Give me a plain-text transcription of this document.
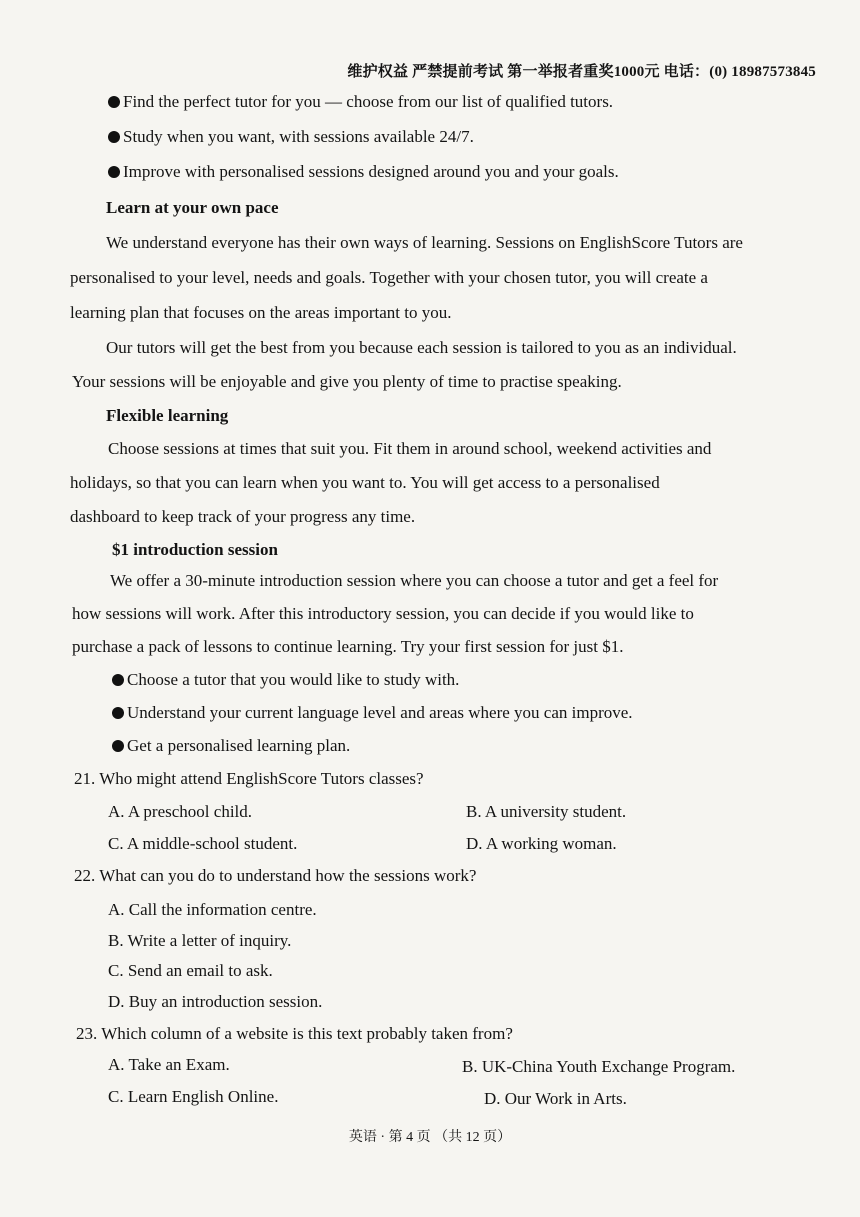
维护权益 严禁提前考试 第一举报者重奖1000元 电话：(0) 18987573845
Find the perfect tutor for you — choose from our list of qualified tutors.
Study when you want, with sessions available 24/7.
Improve with personalised sessions designed around you and your goals.
Learn at your own pace
We understand everyone has their own ways of learning. Sessions on EnglishScore Tutors are
personalised to your level, needs and goals. Together with your chosen tutor, you will create a
learning plan that focuses on the areas important to you.
Our tutors will get the best from you because each session is tailored to you as an individual.
Your sessions will be enjoyable and give you plenty of time to practise speaking.
Flexible learning
Choose sessions at times that suit you. Fit them in around school, weekend activities and
holidays, so that you can learn when you want to. You will get access to a personalised
dashboard to keep track of your progress any time.
$1 introduction session
We offer a 30-minute introduction session where you can choose a tutor and get a feel for
how sessions will work. After this introductory session, you can decide if you would like to
purchase a pack of lessons to continue learning. Try your first session for just $1.
Choose a tutor that you would like to study with.
Understand your current language level and areas where you can improve.
Get a personalised learning plan.
21. Who might attend EnglishScore Tutors classes?
A. A preschool child.	B. A university student.
C. A middle-school student.	D. A working woman.
22. What can you do to understand how the sessions work?
A. Call the information centre.
B. Write a letter of inquiry.
C. Send an email to ask.
D. Buy an introduction session.
23. Which column of a website is this text probably taken from?
A. Take an Exam.	B. UK-China Youth Exchange Program.
C. Learn English Online.	D. Our Work in Arts.
英语 · 第 4 页 （共 12 页）
